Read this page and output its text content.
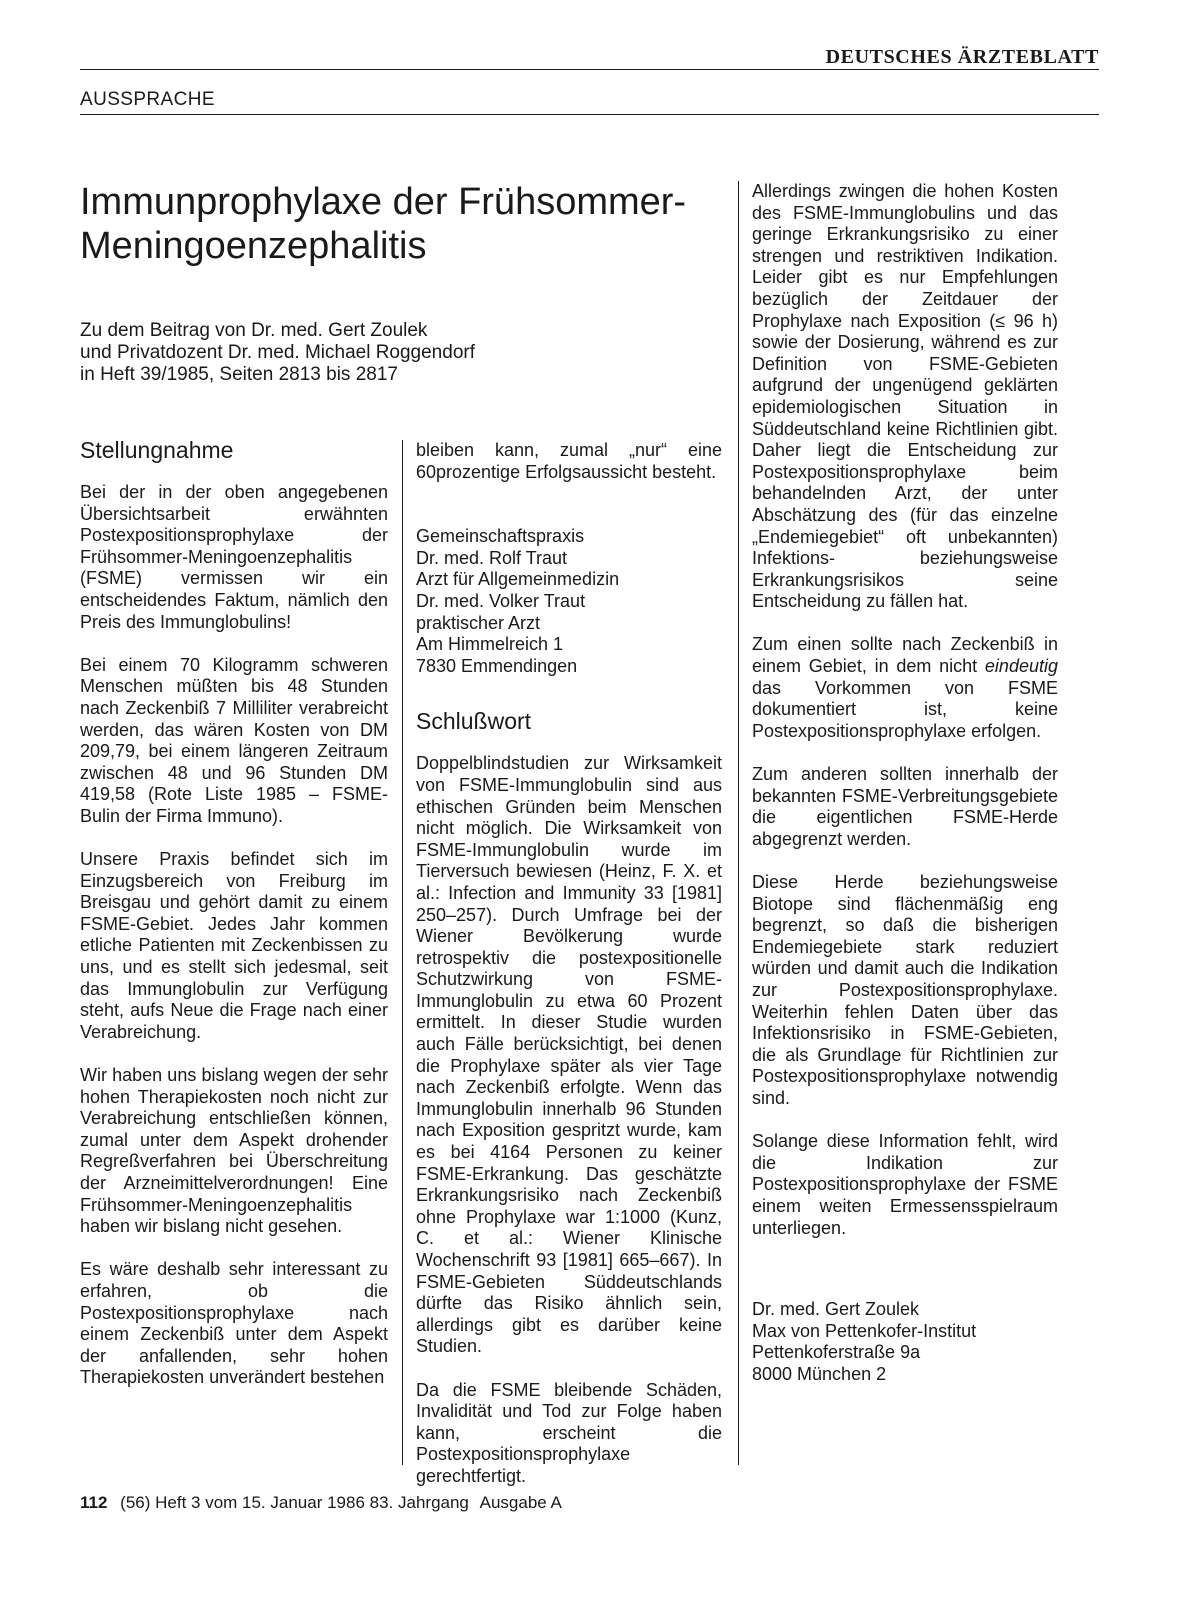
DEUTSCHES ÄRZTEBLATT
AUSSPRACHE
Immunprophylaxe der Frühsommer-Meningoenzephalitis
Zu dem Beitrag von Dr. med. Gert Zoulek
und Privatdozent Dr. med. Michael Roggendorf
in Heft 39/1985, Seiten 2813 bis 2817
Stellungnahme

Bei der in der oben angegebenen Übersichtsarbeit erwähnten Postexpositionsprophylaxe der Frühsommer-Meningoenzephalitis (FSME) vermissen wir ein entscheidendes Faktum, nämlich den Preis des Immunglobulins!

Bei einem 70 Kilogramm schweren Menschen müßten bis 48 Stunden nach Zeckenbiß 7 Milliliter verabreicht werden, das wären Kosten von DM 209,79, bei einem längeren Zeitraum zwischen 48 und 96 Stunden DM 419,58 (Rote Liste 1985 – FSME-Bulin der Firma Immuno).

Unsere Praxis befindet sich im Einzugsbereich von Freiburg im Breisgau und gehört damit zu einem FSME-Gebiet. Jedes Jahr kommen etliche Patienten mit Zeckenbissen zu uns, und es stellt sich jedesmal, seit das Immunglobulin zur Verfügung steht, aufs Neue die Frage nach einer Verabreichung.

Wir haben uns bislang wegen der sehr hohen Therapiekosten noch nicht zur Verabreichung entschließen können, zumal unter dem Aspekt drohender Regreßverfahren bei Überschreitung der Arzneimittelverordnungen! Eine Frühsommer-Meningoenzephalitis haben wir bislang nicht gesehen.

Es wäre deshalb sehr interessant zu erfahren, ob die Postexpositionsprophylaxe nach einem Zeckenbiß unter dem Aspekt der anfallenden, sehr hohen Therapiekosten unverändert bestehen

bleiben kann, zumal „nur“ eine 60prozentige Erfolgsaussicht besteht.

Gemeinschaftspraxis
Dr. med. Rolf Traut
Arzt für Allgemeinmedizin
Dr. med. Volker Traut
praktischer Arzt
Am Himmelreich 1
7830 Emmendingen
Schlußwort

Doppelblindstudien zur Wirksamkeit von FSME-Immunglobulin sind aus ethischen Gründen beim Menschen nicht möglich. Die Wirksamkeit von FSME-Immunglobulin wurde im Tierversuch bewiesen (Heinz, F. X. et al.: Infection and Immunity 33 [1981] 250–257). Durch Umfrage bei der Wiener Bevölkerung wurde retrospektiv die postexpositionelle Schutzwirkung von FSME-Immunglobulin zu etwa 60 Prozent ermittelt. In dieser Studie wurden auch Fälle berücksichtigt, bei denen die Prophylaxe später als vier Tage nach Zeckenbiß erfolgte. Wenn das Immunglobulin innerhalb 96 Stunden nach Exposition gespritzt wurde, kam es bei 4164 Personen zu keiner FSME-Erkrankung. Das geschätzte Erkrankungsrisiko nach Zeckenbiß ohne Prophylaxe war 1:1000 (Kunz, C. et al.: Wiener Klinische Wochenschrift 93 [1981] 665–667). In FSME-Gebieten Süddeutschlands dürfte das Risiko ähnlich sein, allerdings gibt es darüber keine Studien.

Da die FSME bleibende Schäden, Invalidität und Tod zur Folge haben kann, erscheint die Postexpositionsprophylaxe gerechtfertigt.

Allerdings zwingen die hohen Kosten des FSME-Immunglobulins und das geringe Erkrankungsrisiko zu einer strengen und restriktiven Indikation. Leider gibt es nur Empfehlungen bezüglich der Zeitdauer der Prophylaxe nach Exposition (≤ 96 h) sowie der Dosierung, während es zur Definition von FSME-Gebieten aufgrund der ungenügend geklärten epidemiologischen Situation in Süddeutschland keine Richtlinien gibt. Daher liegt die Entscheidung zur Postexpositionsprophylaxe beim behandelnden Arzt, der unter Abschätzung des (für das einzelne „Endemiegebiet“ oft unbekannten) Infektions- beziehungsweise Erkrankungsrisikos seine Entscheidung zu fällen hat.

Zum einen sollte nach Zeckenbiß in einem Gebiet, in dem nicht eindeutig das Vorkommen von FSME dokumentiert ist, keine Postexpositionsprophylaxe erfolgen.

Zum anderen sollten innerhalb der bekannten FSME-Verbreitungsgebiete die eigentlichen FSME-Herde abgegrenzt werden.

Diese Herde beziehungsweise Biotope sind flächenmäßig eng begrenzt, so daß die bisherigen Endemiegebiete stark reduziert würden und damit auch die Indikation zur Postexpositionsprophylaxe. Weiterhin fehlen Daten über das Infektionsrisiko in FSME-Gebieten, die als Grundlage für Richtlinien zur Postexpositionsprophylaxe notwendig sind.

Solange diese Information fehlt, wird die Indikation zur Postexpositionsprophylaxe der FSME einem weiten Ermessensspielraum unterliegen.

Dr. med. Gert Zoulek
Max von Pettenkofer-Institut
Pettenkoferstraße 9a
8000 München 2
112 (56) Heft 3 vom 15. Januar 1986 83. Jahrgang Ausgabe A
